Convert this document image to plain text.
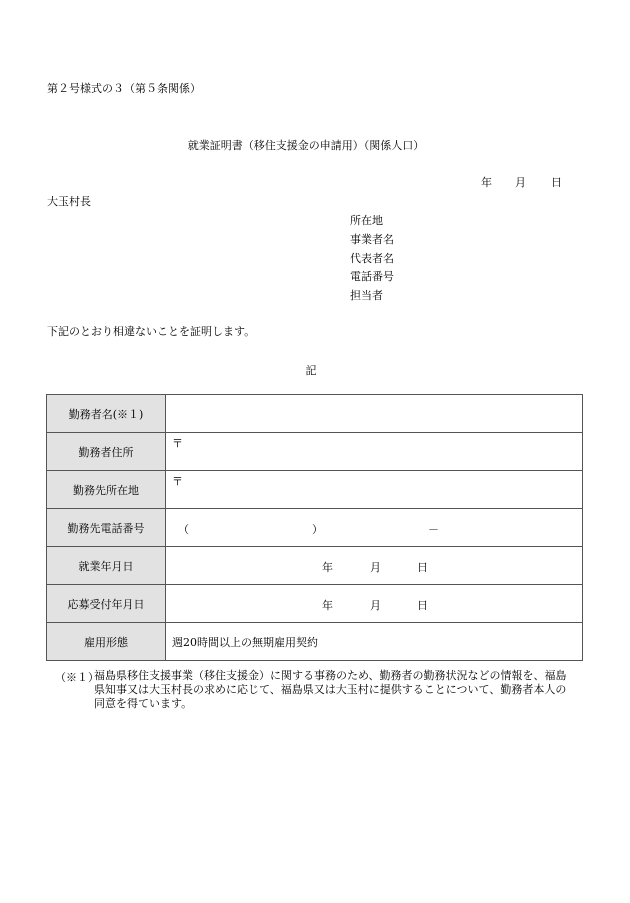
第２号様式の３（第５条関係）
就業証明書（移住支援金の申請用）（関係人口）
年 月 日
大玉村長
所在地
事業者名
代表者名
電話番号
担当者
下記のとおり相違ないことを証明します。
記
勤務者名(※１)	
勤務者住所	〒

勤務先所在地	〒

勤務先電話番号	（ ） －

就業年月日	年 月 日

応募受付年月日	年 月 日

雇用形態	週20時間以上の無期雇用契約
（※１）
福島県移住支援事業（移住支援金）に関する事務のため、勤務者の勤務状況などの情報を、福島県知事又は大玉村長の求めに応じて、福島県又は大玉村に提供することについて、勤務者本人の同意を得ています。
